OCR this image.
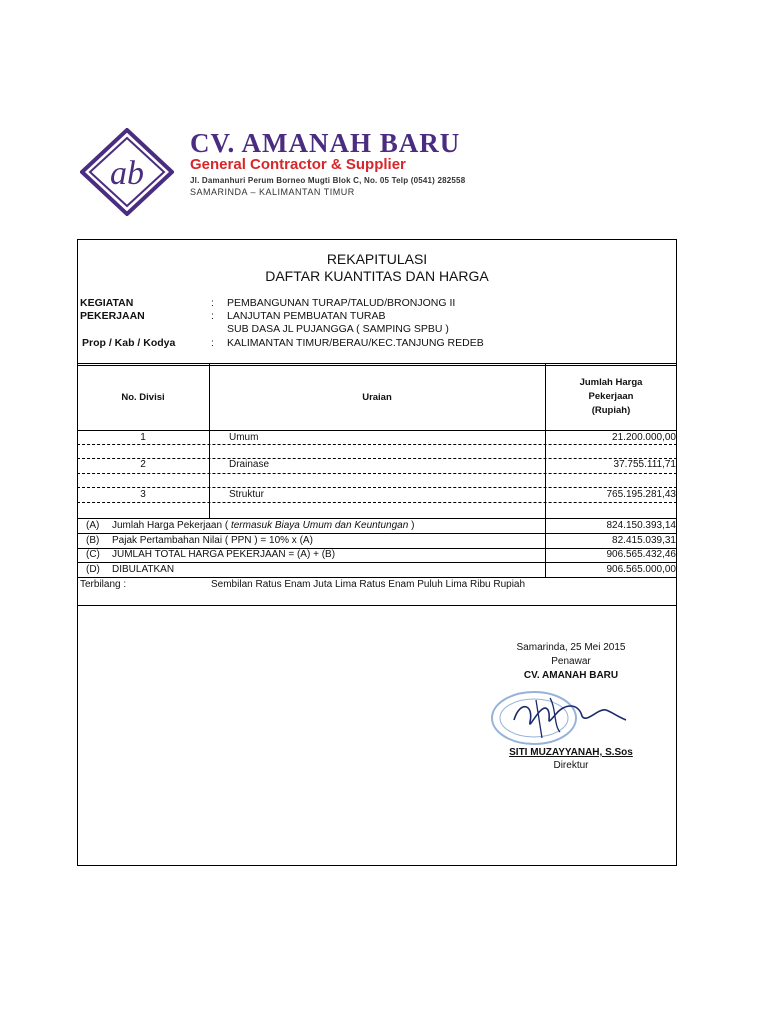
ab
CV. AMANAH BARU
General Contractor & Supplier
Jl. Damanhuri Perum Borneo Mugti Blok C, No. 05 Telp (0541) 282558
SAMARINDA – KALIMANTAN TIMUR
REKAPITULASI
DAFTAR KUANTITAS DAN HARGA
KEGIATAN	: PEMBANGUNAN TURAP/TALUD/BRONJONG II
PEKERJAAN	: LANJUTAN PEMBUATAN TURAB
SUB DASA JL PUJANGGA ( SAMPING SPBU )
Prop / Kab / Kodya	: KALIMANTAN TIMUR/BERAU/KEC.TANJUNG REDEB
No. Divisi	Uraian
Jumlah Harga
Pekerjaan
(Rupiah)
1	Umum	21.200.000,00
2	Drainase	37.755.111,71
3	Struktur	765.195.281,43
(A) Jumlah Harga Pekerjaan ( termasuk Biaya Umum dan Keuntungan )	824.150.393,14
(B) Pajak Pertambahan Nilai ( PPN ) = 10% x (A)	82.415.039,31
(C) JUMLAH TOTAL HARGA PEKERJAAN = (A) + (B)	906.565.432,46
(D) DIBULATKAN	906.565.000,00
Terbilang :	Sembilan Ratus Enam Juta Lima Ratus Enam Puluh Lima Ribu Rupiah
Samarinda, 25 Mei 2015
Penawar
CV. AMANAH BARU
SITI MUZAYYANAH, S.Sos
Direktur
